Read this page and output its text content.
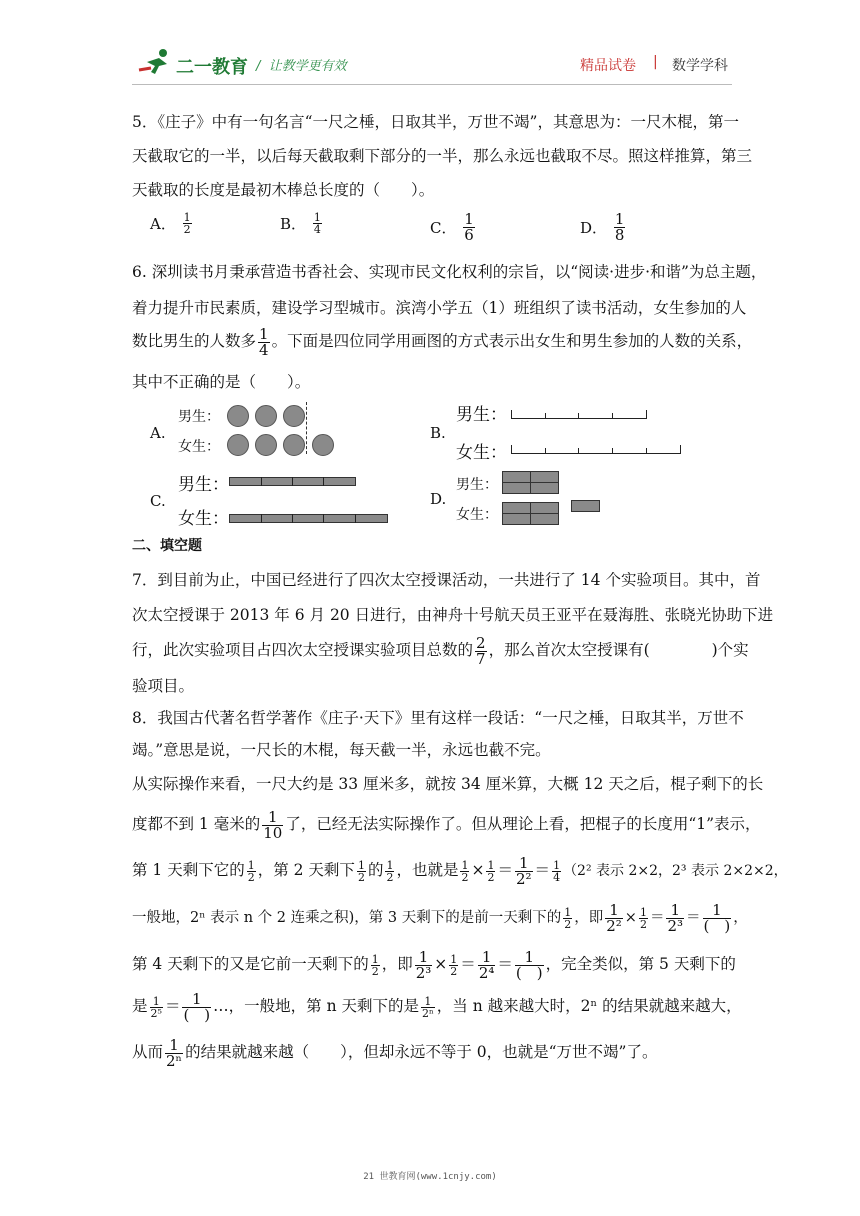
二一教育 /  让教学更有效	精品试卷 | 数学学科
5．《庄子》中有一句名言“一尺之棰，日取其半，万世不竭”，其意思为：一尺木棍，第一
天截取它的一半，以后每天截取剩下部分的一半，那么永远也截取不尽。照这样推算，第三
天截取的长度是最初木棒总长度的（　　）。
A． $\frac{1}{2}$	B． $\frac{1}{4}$	C． $\frac{1}{6}$	D． $\frac{1}{8}$
6. 深圳读书月秉承营造书香社会、实现市民文化权利的宗旨，以“阅读·进步·和谐”为总主题，
着力提升市民素质，建设学习型城市。滨湾小学五（1）班组织了读书活动，女生参加的人
数比男生的人数多 $\frac{1}{4}$ 。下面是四位同学用画图的方式表示出女生和男生参加的人数的关系，
其中不正确的是（　　）。
A.
男生：
女生：
B.
男生：
女生：
C.
男生：
女生：
D.
男生：
女生：
二、填空题
7．到目前为止，中国已经进行了四次太空授课活动，一共进行了 14 个实验项目。其中，首
次太空授课于 2013 年 6 月 20 日进行，由神舟十号航天员王亚平在聂海胜、张晓光协助下进
行，此次实验项目占四次太空授课实验项目总数的 $\frac{2}{7}$ ，那么首次太空授课有(　　　　)个实
验项目。
8．我国古代著名哲学著作《庄子·天下》里有这样一段话：“一尺之棰，日取其半，万世不
竭。”意思是说，一尺长的木棍，每天截一半，永远也截不完。
从实际操作来看，一尺大约是 33 厘米多，就按 34 厘米算，大概 12 天之后，棍子剩下的长
度都不到 1 毫米的 $\frac{1}{10}$ 了，已经无法实际操作了。但从理论上看，把棍子的长度用“1”表示，
第 1 天剩下它的 $\frac{1}{2}$ ，第 2 天剩下 $\frac{1}{2}$ 的 $\frac{1}{2}$ ，也就是 $\frac{1}{2} \times \frac{1}{2} = \frac{1}{\text{2²}} = \frac{1}{4} (2^2$ 表示 2×2，2³ 表示 2×2×2，
一般地，2ⁿ 表示 n 个 2 连乘之积)，第 3 天剩下的是前一天剩下的 $\frac{1}{2}$ ，即 $\frac{1}{\text{2²}} \times \frac{1}{2} = \frac{1}{\text{2³}} = \frac{1}{( )}$ ，
第 4 天剩下的又是它前一天剩下的 $\frac{1}{2}$ ，即 $\frac{1}{\text{2³}} \times \frac{1}{2} = \frac{1}{\text{2⁴}} = \frac{1}{( )}$ ，完全类似，第 5 天剩下的
是 $\frac{1}{\text{2⁵}} = \frac{1}{( )}$ …，一般地，第 n 天剩下的是 $\frac{1}{\text{2ⁿ}}$ ，当 n 越来越大时，2ⁿ 的结果就越来越大，
从而 $\frac{1}{\text{2ⁿ}}$ 的结果就越来越（　　），但却永远不等于 0，也就是“万世不竭”了。
21 世教育网(www.1cnjy.com)
